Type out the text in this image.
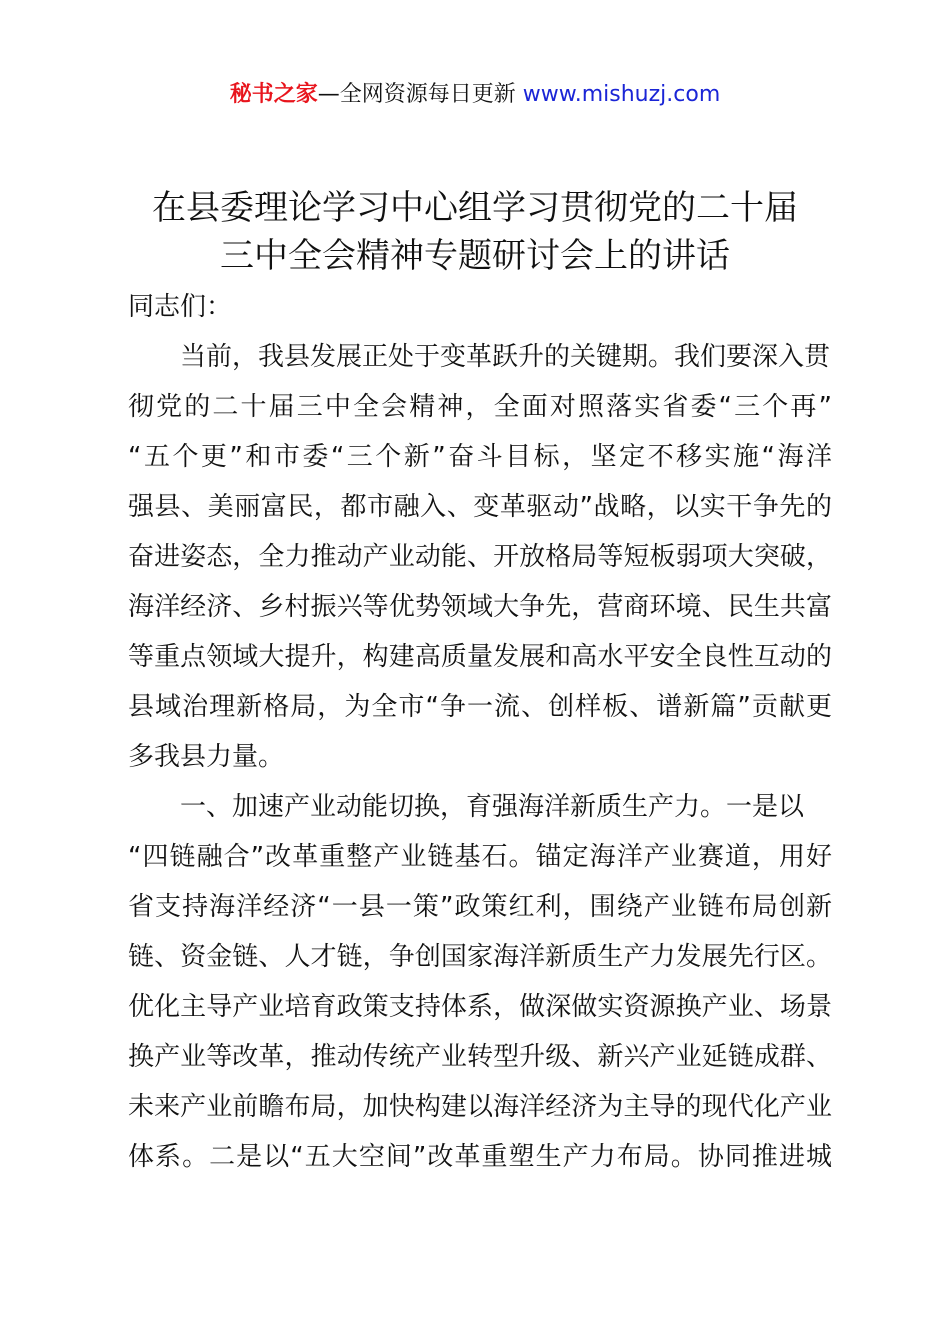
秘书之家—全网资源每日更新 www.mishuzj.com
在县委理论学习中心组学习贯彻党的二十届
三中全会精神专题研讨会上的讲话
同志们：
当前，我县发展正处于变革跃升的关键期。我们要深入贯
彻党的二十届三中全会精神，全面对照落实省委“三个再”
“五个更”和市委“三个新”奋斗目标，坚定不移实施“海洋
强县、美丽富民，都市融入、变革驱动”战略，以实干争先的
奋进姿态，全力推动产业动能、开放格局等短板弱项大突破，
海洋经济、乡村振兴等优势领域大争先，营商环境、民生共富
等重点领域大提升，构建高质量发展和高水平安全良性互动的
县域治理新格局，为全市“争一流、创样板、谱新篇”贡献更
多我县力量。
一、加速产业动能切换，育强海洋新质生产力。一是以
“四链融合”改革重整产业链基石。锚定海洋产业赛道，用好
省支持海洋经济“一县一策”政策红利，围绕产业链布局创新
链、资金链、人才链，争创国家海洋新质生产力发展先行区。
优化主导产业培育政策支持体系，做深做实资源换产业、场景
换产业等改革，推动传统产业转型升级、新兴产业延链成群、
未来产业前瞻布局，加快构建以海洋经济为主导的现代化产业
体系。二是以“五大空间”改革重塑生产力布局。协同推进城
